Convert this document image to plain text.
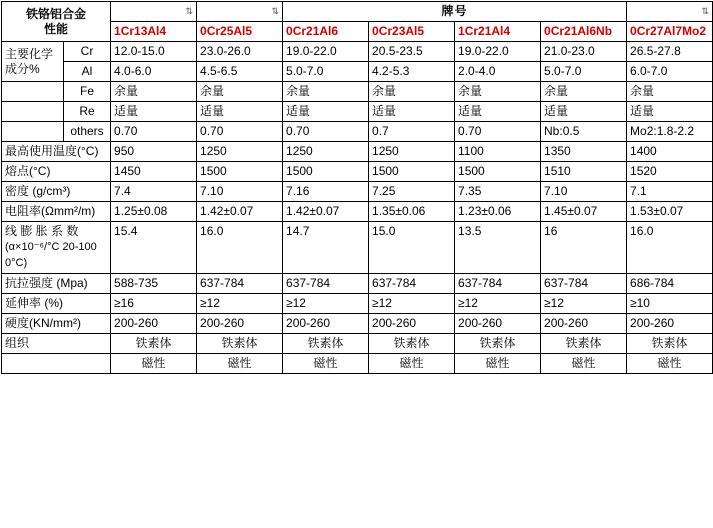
铁铬铝合金
性能		⇅	⇅	牌号				⇅

		1Cr13Al4	0Cr25Al5	0Cr21Al6	0Cr23Al5	1Cr21Al4	0Cr21Al6Nb	0Cr27Al7Mo2
主要化学
成分%	Cr	12.0-15.0	23.0-26.0	19.0-22.0	20.5-23.5	19.0-22.0	21.0-23.0	26.5-27.8
	Al	4.0-6.0	4.5-6.5	5.0-7.0	4.2-5.3	2.0-4.0	5.0-7.0	6.0-7.0
	Fe	余量	余量	余量	余量	余量	余量	余量
	Re	适量	适量	适量	适量	适量	适量	适量
	others	0.70	0.70	0.70	0.7	0.70	Nb:0.5	Mo2:1.8-2.2
最高使用温度(°C)		950	1250	1250	1250	1100	1350	1400
熔点(°C)		1450	1500	1500	1500	1500	1510	1520
密度 (g/cm³)		7.4	7.10	7.16	7.25	7.35	7.10	7.1
电阻率(Ωmm²/m)		1.25±0.08	1.42±0.07	1.42±0.07	1.35±0.06	1.23±0.06	1.45±0.07	1.53±0.07
线 膨 胀 系 数
(α×10⁻⁶/°C 20-1000°C)		15.4	16.0	14.7	15.0	13.5	16	16.0
抗拉强度 (Mpa)		588-735	637-784	637-784	637-784	637-784	637-784	686-784
延伸率 (%)		≥16	≥12	≥12	≥12	≥12	≥12	≥10
硬度(KN/mm²)		200-260	200-260	200-260	200-260	200-260	200-260	200-260
组织		铁素体	铁素体	铁素体	铁素体	铁素体	铁素体	铁素体
		磁性	磁性	磁性	磁性	磁性	磁性	磁性
